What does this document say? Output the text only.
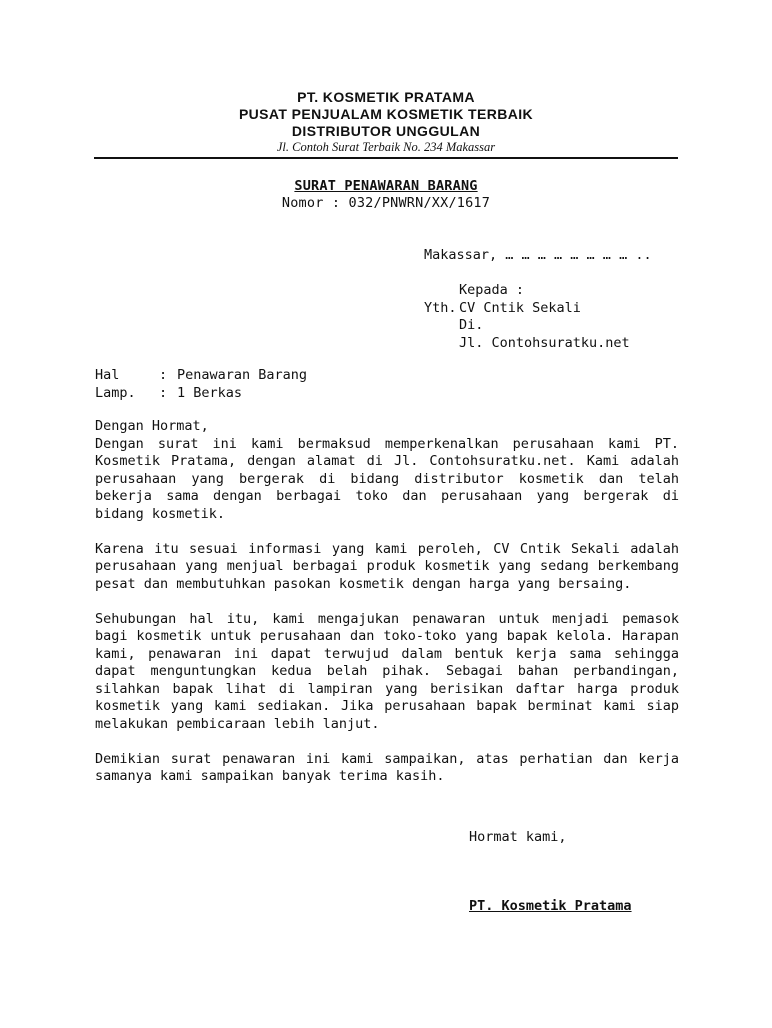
PT. KOSMETIK PRATAMA
PUSAT PENJUALAM KOSMETIK TERBAIK
DISTRIBUTOR UNGGULAN
Jl. Contoh Surat Terbaik No. 234 Makassar
SURAT PENAWARAN BARANG
Nomor : 032/PNWRN/XX/1617
Makassar, … … … … … … … … ..
Kepada :
Yth. CV Cntik Sekali
Di.
Jl. Contohsuratku.net
Hal	: Penawaran Barang
Lamp.	: 1 Berkas
Dengan Hormat,

Dengan surat ini kami bermaksud memperkenalkan perusahaan kami PT. Kosmetik Pratama, dengan alamat di Jl. Contohsuratku.net. Kami adalah perusahaan yang bergerak di bidang distributor kosmetik dan telah bekerja sama dengan berbagai toko dan perusahaan yang bergerak di bidang kosmetik.

Karena itu sesuai informasi yang kami peroleh, CV Cntik Sekali adalah perusahaan yang menjual berbagai produk kosmetik yang sedang berkembang pesat dan membutuhkan pasokan kosmetik dengan harga yang bersaing.

Sehubungan hal itu, kami mengajukan penawaran untuk menjadi pemasok bagi kosmetik untuk perusahaan dan toko-toko yang bapak kelola. Harapan kami, penawaran ini dapat terwujud dalam bentuk kerja sama sehingga dapat menguntungkan kedua belah pihak. Sebagai bahan perbandingan, silahkan bapak lihat di lampiran yang berisikan daftar harga produk kosmetik yang kami sediakan. Jika perusahaan bapak berminat kami siap melakukan pembicaraan lebih lanjut.

Demikian surat penawaran ini kami sampaikan, atas perhatian dan kerja samanya kami sampaikan banyak terima kasih.

Hormat kami,
PT. Kosmetik Pratama
